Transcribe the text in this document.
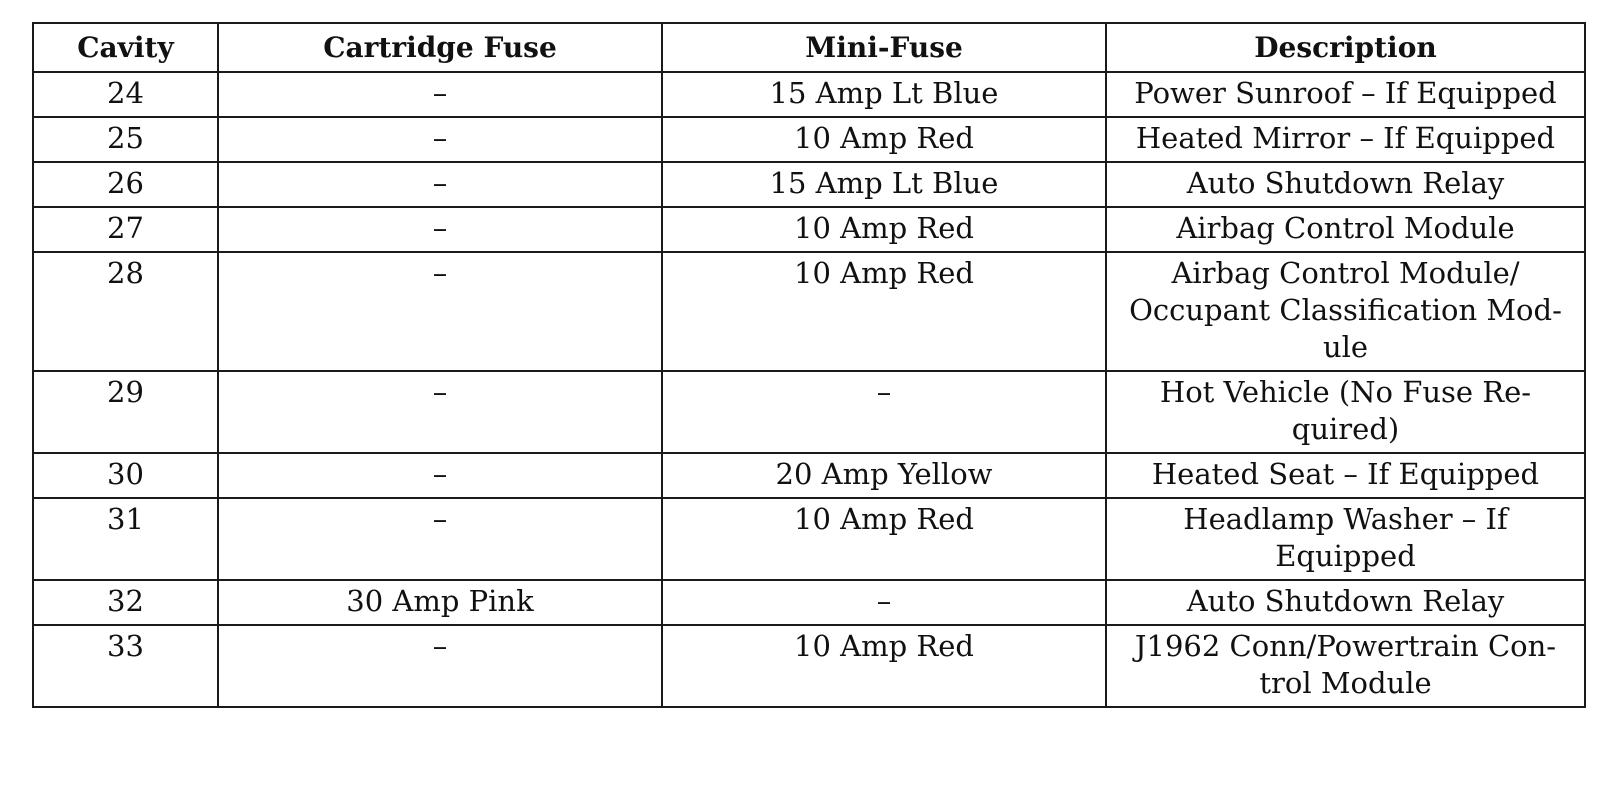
Cavity	Cartridge Fuse	Mini-Fuse	Description
24	–	15 Amp Lt Blue	Power Sunroof – If Equipped
25	–	10 Amp Red	Heated Mirror – If Equipped
26	–	15 Amp Lt Blue	Auto Shutdown Relay
27	–	10 Amp Red	Airbag Control Module
28	–	10 Amp Red	Airbag Control Module/ Occupant Classification Module
29	–	–	Hot Vehicle (No Fuse Required)
30	–	20 Amp Yellow	Heated Seat – If Equipped
31	–	10 Amp Red	Headlamp Washer – If Equipped
32	30 Amp Pink	–	Auto Shutdown Relay
33	–	10 Amp Red	J1962 Conn/Powertrain Control Module
